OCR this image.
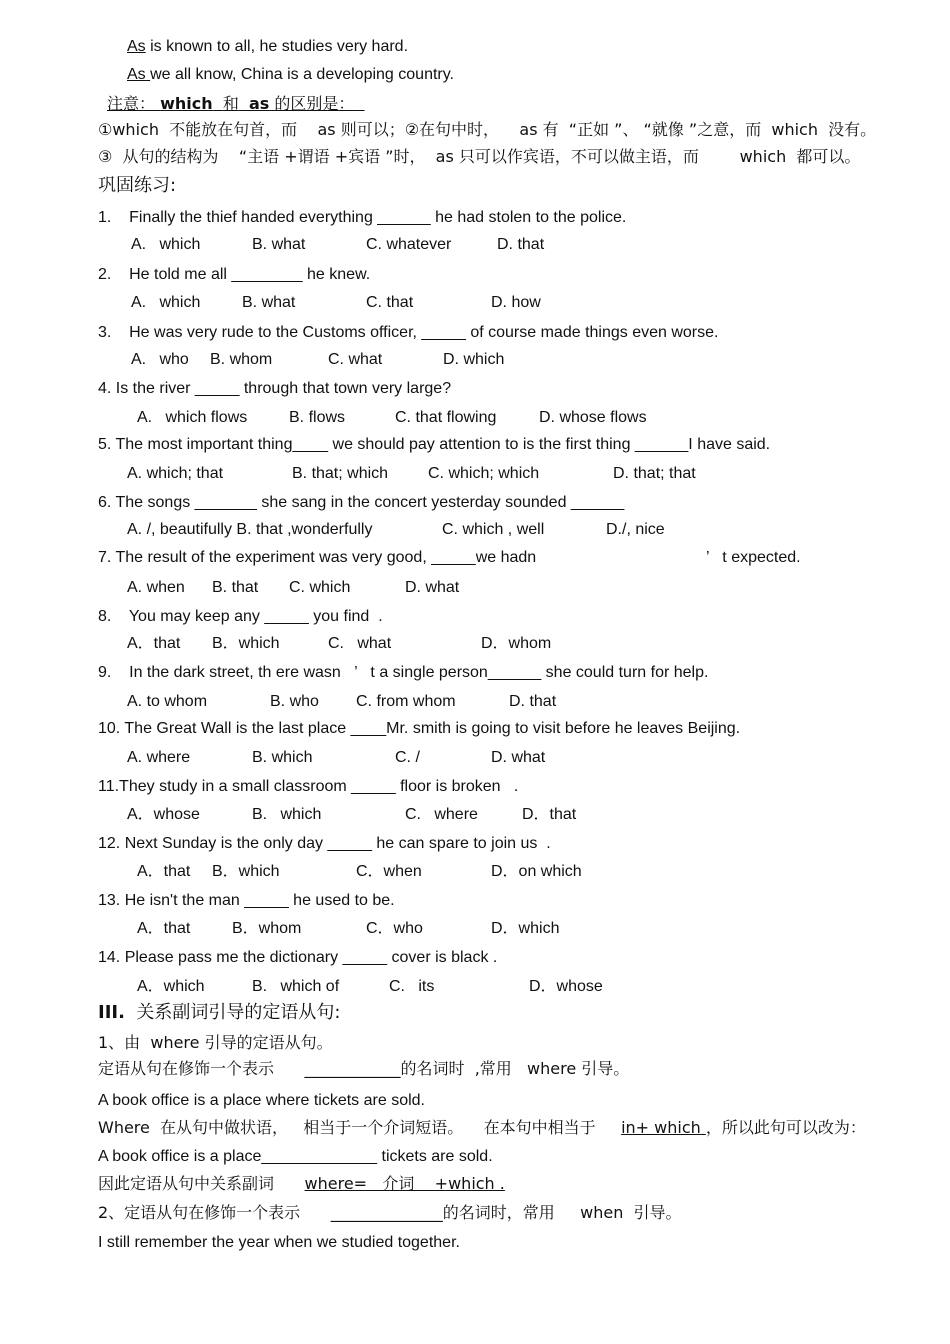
As is known to all, he studies very hard.
As we all know, China is a developing country.
注意： which 和 as 的区别是：
①which  不能放在句首，而    as 则可以；②在句中时，    as 有  “正如 ”、 “就像 ”之意，而  which  没有。
③  从句的结构为    “主语 +谓语 +宾语 ”时，  as 只可以作宾语，不可以做主语，而        which  都可以。
巩固练习:
1.    Finally the thief handed everything ______ he had stolen to the police.
A.   which	B. what	C. whatever	D. that
2.    He told me all ________ he knew.
A.   which	B. what	C. that	D. how
3.    He was very rude to the Customs officer, _____ of course made things even worse.
A.   who B. whom	C. what	D. which
4. Is the river _____ through that town very large?
A.   which flows	B. flows	C. that flowing	D. whose flows
5. The most important thing____ we should pay attention to is the first thing ______I have said.
A. which; that	B. that; which C. which; which	D. that; that
6. The songs _______ she sang in the concert yesterday sounded ______
A. /, beautifully B. that ,wonderfully	C. which , well	D./, nice
7. The result of the experiment was very good, _____we hadn	’   t expected.
A. when B. that C. which	D. what
8.    You may keep any _____ you find  .
A．that B．which	C.   what	D．whom
9.    In the dark street, th ere wasn   ’   t a single person______ she could turn for help.
A. to whom	B. who C. from whom	D. that
10. The Great Wall is the last place ____Mr. smith is going to visit before he leaves Beijing.
A. where	B. which	C. /	D. what
11.They study in a small classroom _____ floor is broken   .
A．whose	B.   which	C.   where	D．that
12. Next Sunday is the only day _____ he can spare to join us  .
A．that B．which	C．when	D．on which
13. He isn't the man _____ he used to be.
A．that	B．whom	C．who	D．which
14. Please pass me the dictionary _____ cover is black .
A．which	B.   which of	C.   its	D．whose
III.  关系副词引导的定语从句:
1、由  where 引导的定语从句。
定语从句在修饰一个表示      ____________的名词时  ,常用   where 引导。
A book office is a place where tickets are sold.
Where  在从句中做状语，   相当于一个介词短语。    在本句中相当于     in+ which ，所以此句可以改为：
A book office is a place_____________ tickets are sold.
因此定语从句中关系副词      where=   介词    +which .
2、定语从句在修饰一个表示      ______________的名词时，常用     when  引导。
I still remember the year when we studied together.
